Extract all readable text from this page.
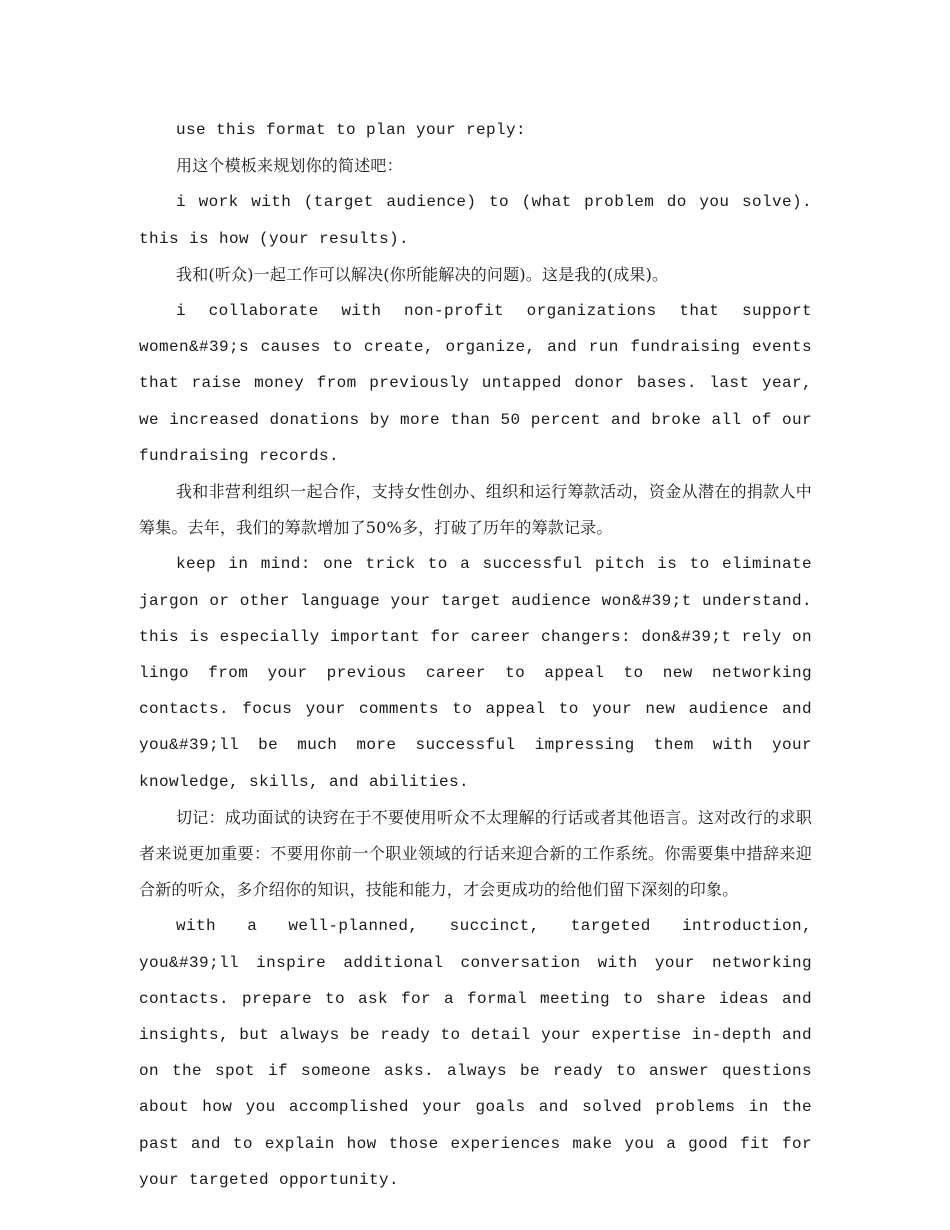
use this format to plan your reply:

用这个模板来规划你的简述吧：

i work with (target audience) to (what problem do you solve). this is how (your results).

我和(听众)一起工作可以解决(你所能解决的问题)。这是我的(成果)。

i collaborate with non-profit organizations that support women&#39;s causes to create, organize, and run fundraising events that raise money from previously untapped donor bases. last year, we increased donations by more than 50 percent and broke all of our fundraising records.

我和非营利组织一起合作，支持女性创办、组织和运行筹款活动，资金从潜在的捐款人中筹集。去年，我们的筹款增加了50%多，打破了历年的筹款记录。

keep in mind: one trick to a successful pitch is to eliminate jargon or other language your target audience won&#39;t understand. this is especially important for career changers: don&#39;t rely on lingo from your previous career to appeal to new networking contacts. focus your comments to appeal to your new audience and you&#39;ll be much more successful impressing them with your knowledge, skills, and abilities.

切记：成功面试的诀窍在于不要使用听众不太理解的行话或者其他语言。这对改行的求职者来说更加重要：不要用你前一个职业领域的行话来迎合新的工作系统。你需要集中措辞来迎合新的听众，多介绍你的知识，技能和能力，才会更成功的给他们留下深刻的印象。

with a well-planned, succinct, targeted introduction, you&#39;ll inspire additional conversation with your networking contacts. prepare to ask for a formal meeting to share ideas and insights, but always be ready to detail your expertise in-depth and on the spot if someone asks. always be ready to answer questions about how you accomplished your goals and solved problems in the past and to explain how those experiences make you a good fit for your targeted opportunity.
